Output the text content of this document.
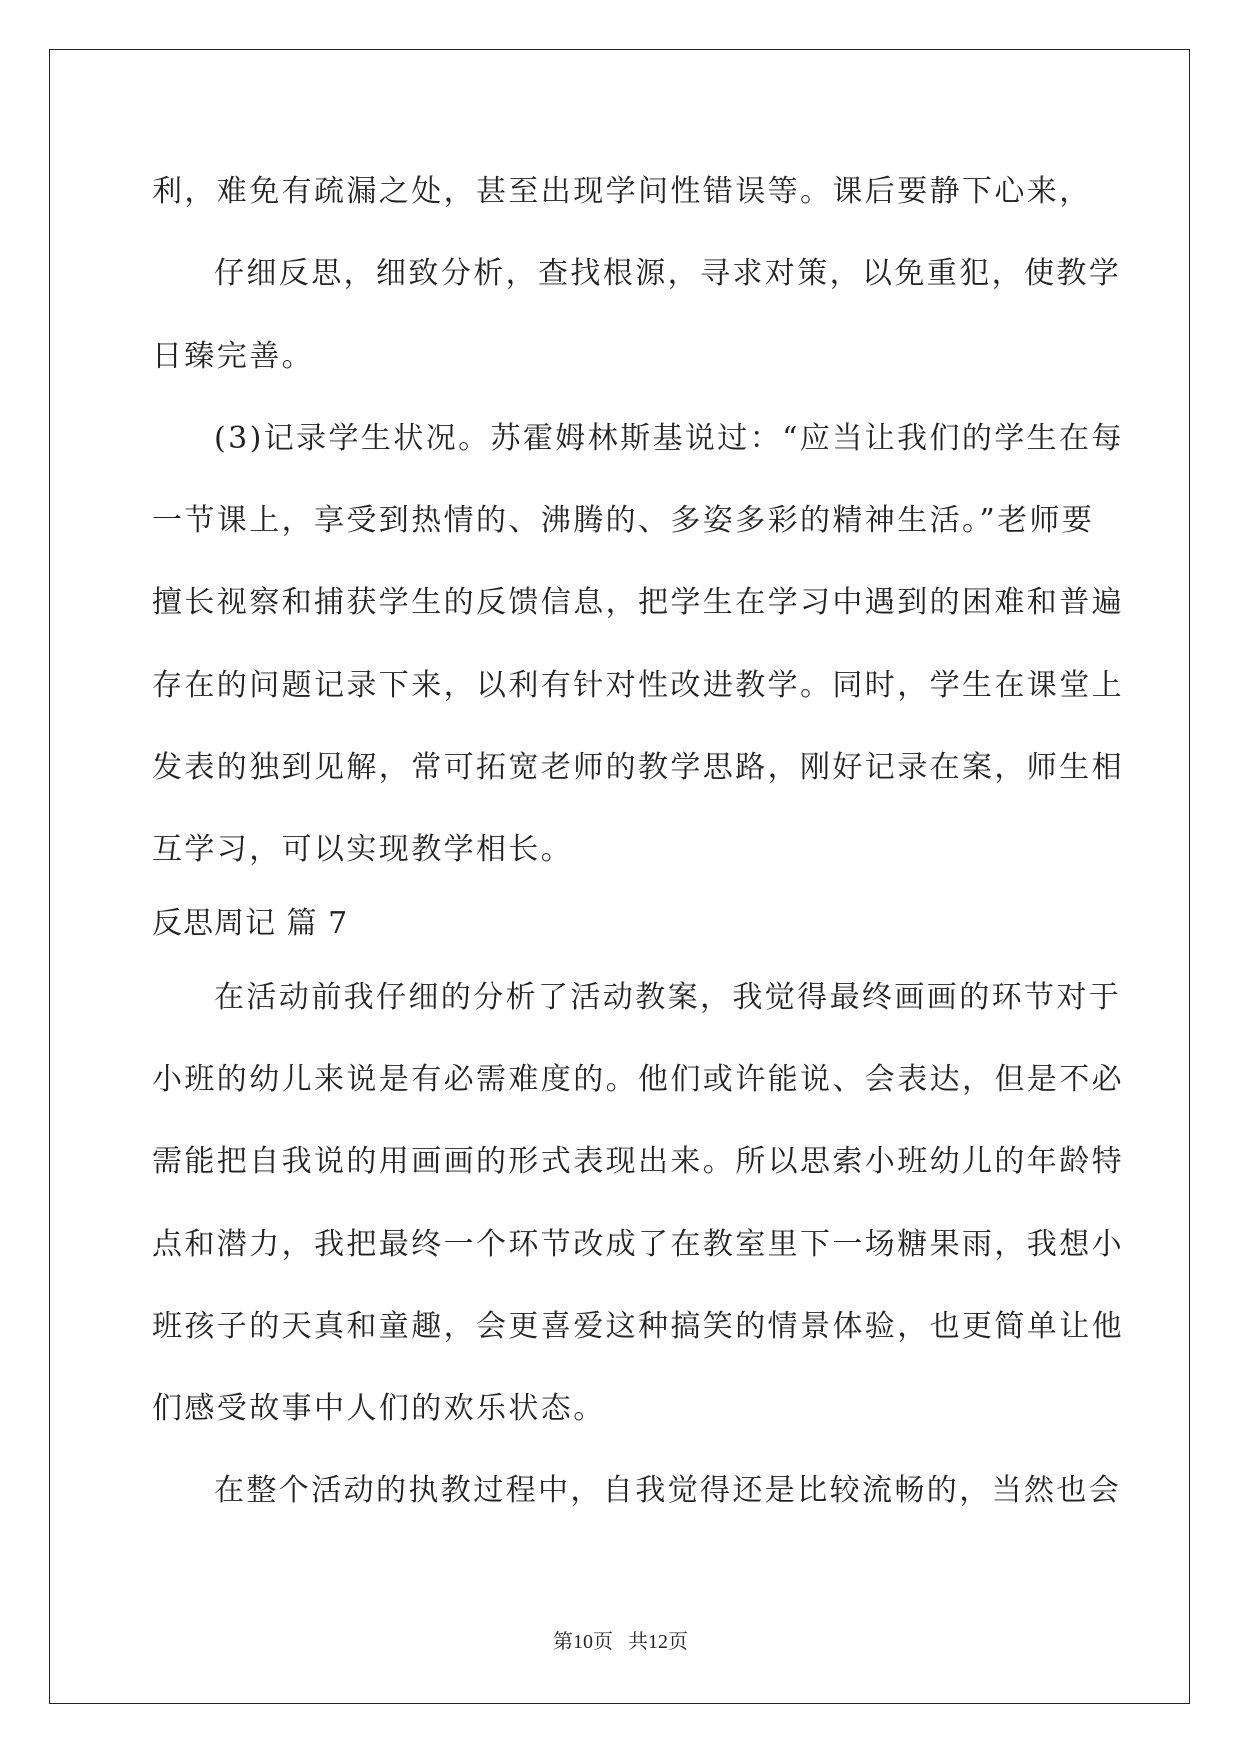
利，难免有疏漏之处，甚至出现学问性错误等。课后要静下心来，

仔细反思，细致分析，查找根源，寻求对策，以免重犯，使教学

日臻完善。

(3)记录学生状况。苏霍姆林斯基说过：“应当让我们的学生在每

一节课上，享受到热情的、沸腾的、多姿多彩的精神生活。”老师要

擅长视察和捕获学生的反馈信息，把学生在学习中遇到的困难和普遍

存在的问题记录下来，以利有针对性改进教学。同时，学生在课堂上

发表的独到见解，常可拓宽老师的教学思路，刚好记录在案，师生相

互学习，可以实现教学相长。

反思周记 篇 7

在活动前我仔细的分析了活动教案，我觉得最终画画的环节对于

小班的幼儿来说是有必需难度的。他们或许能说、会表达，但是不必

需能把自我说的用画画的形式表现出来。所以思索小班幼儿的年龄特

点和潜力，我把最终一个环节改成了在教室里下一场糖果雨，我想小

班孩子的天真和童趣，会更喜爱这种搞笑的情景体验，也更简单让他

们感受故事中人们的欢乐状态。

在整个活动的执教过程中，自我觉得还是比较流畅的，当然也会

第10页   共12页
